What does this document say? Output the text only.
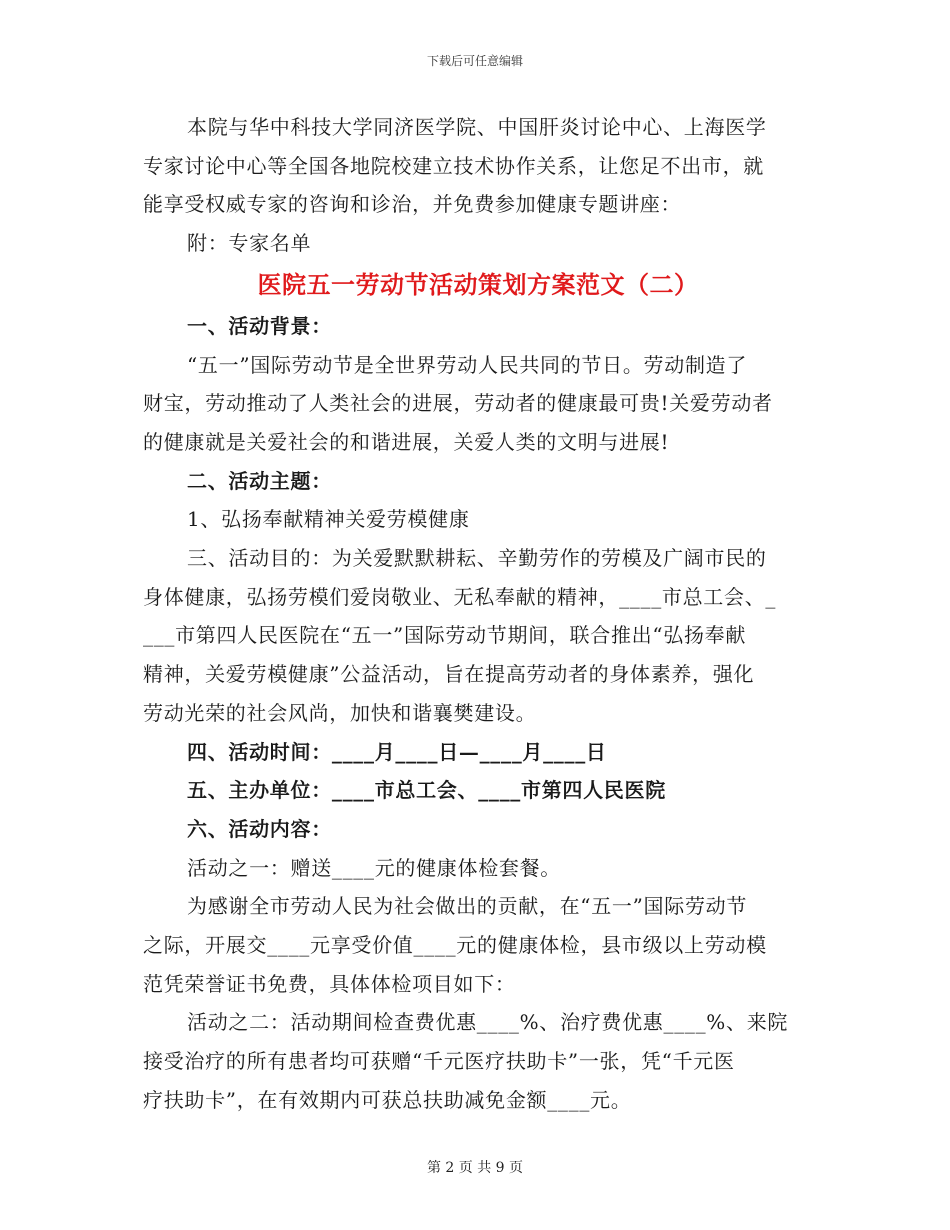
下载后可任意编辑
本院与华中科技大学同济医学院、中国肝炎讨论中心、上海医学
专家讨论中心等全国各地院校建立技术协作关系，让您足不出市，就
能享受权威专家的咨询和诊治，并免费参加健康专题讲座：
附：专家名单
医院五一劳动节活动策划方案范文（二）
一、活动背景：
“五一”国际劳动节是全世界劳动人民共同的节日。劳动制造了
财宝，劳动推动了人类社会的进展，劳动者的健康最可贵!关爱劳动者
的健康就是关爱社会的和谐进展，关爱人类的文明与进展!
二、活动主题：
1、弘扬奉献精神关爱劳模健康
三、活动目的：为关爱默默耕耘、辛勤劳作的劳模及广阔市民的
身体健康，弘扬劳模们爱岗敬业、无私奉献的精神，____市总工会、_
___市第四人民医院在“五一”国际劳动节期间，联合推出“弘扬奉献
精神，关爱劳模健康”公益活动，旨在提高劳动者的身体素养，强化
劳动光荣的社会风尚，加快和谐襄樊建设。
四、活动时间：____月____日—____月____日
五、主办单位：____市总工会、____市第四人民医院
六、活动内容：
活动之一：赠送____元的健康体检套餐。
为感谢全市劳动人民为社会做出的贡献，在“五一”国际劳动节
之际，开展交____元享受价值____元的健康体检，县市级以上劳动模
范凭荣誉证书免费，具体体检项目如下：
活动之二：活动期间检查费优惠____%、治疗费优惠____%、来院
接受治疗的所有患者均可获赠“千元医疗扶助卡”一张，凭“千元医
疗扶助卡”，在有效期内可获总扶助减免金额____元。
第 2 页 共 9 页
